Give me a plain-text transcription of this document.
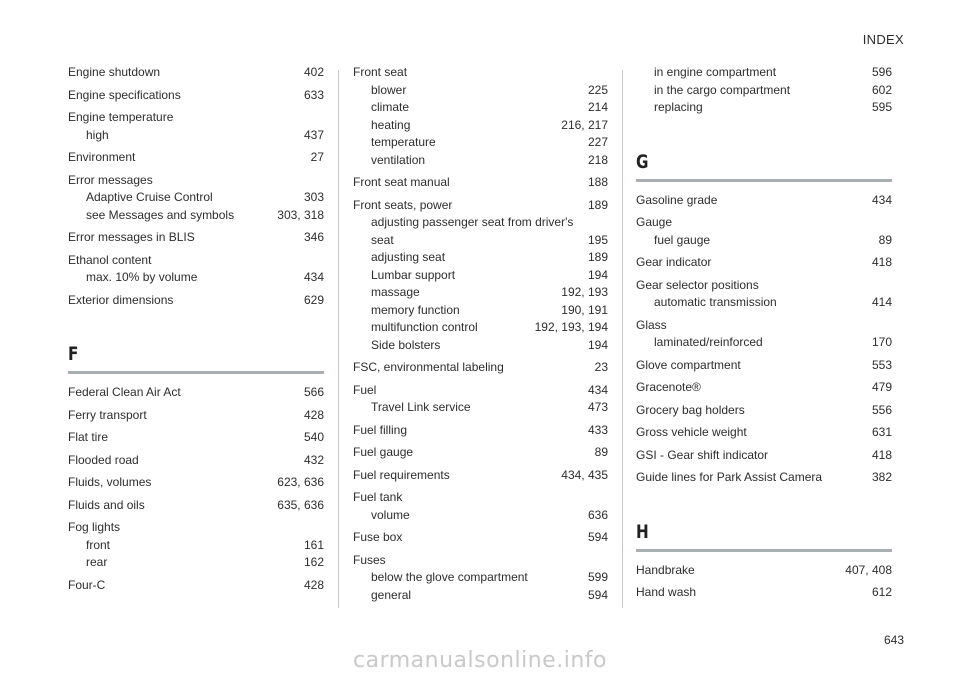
INDEX
Engine shutdown	402
Engine specifications	633
Engine temperature
high	437
Environment	27
Error messages
Adaptive Cruise Control	303
see Messages and symbols	303, 318
Error messages in BLIS	346
Ethanol content
max. 10% by volume	434
Exterior dimensions	629
F
Federal Clean Air Act	566
Ferry transport	428
Flat tire	540
Flooded road	432
Fluids, volumes	623, 636
Fluids and oils	635, 636
Fog lights
front	161
rear	162
Four-C	428
Front seat
blower	225
climate	214
heating	216, 217
temperature	227
ventilation	218
Front seat manual	188
Front seats, power	189
adjusting passenger seat from driver's
seat	195
adjusting seat	189
Lumbar support	194
massage	192, 193
memory function	190, 191
multifunction control	192, 193, 194
Side bolsters	194
FSC, environmental labeling	23
Fuel	434
Travel Link service	473
Fuel filling	433
Fuel gauge	89
Fuel requirements	434, 435
Fuel tank
volume	636
Fuse box	594
Fuses
below the glove compartment	599
general	594
in engine compartment	596
in the cargo compartment	602
replacing	595
G
Gasoline grade	434
Gauge
fuel gauge	89
Gear indicator	418
Gear selector positions
automatic transmission	414
Glass
laminated/reinforced	170
Glove compartment	553
Gracenote®	479
Grocery bag holders	556
Gross vehicle weight	631
GSI - Gear shift indicator	418
Guide lines for Park Assist Camera	382
H
Handbrake	407, 408
Hand wash	612
643
carmanualsonline.info
